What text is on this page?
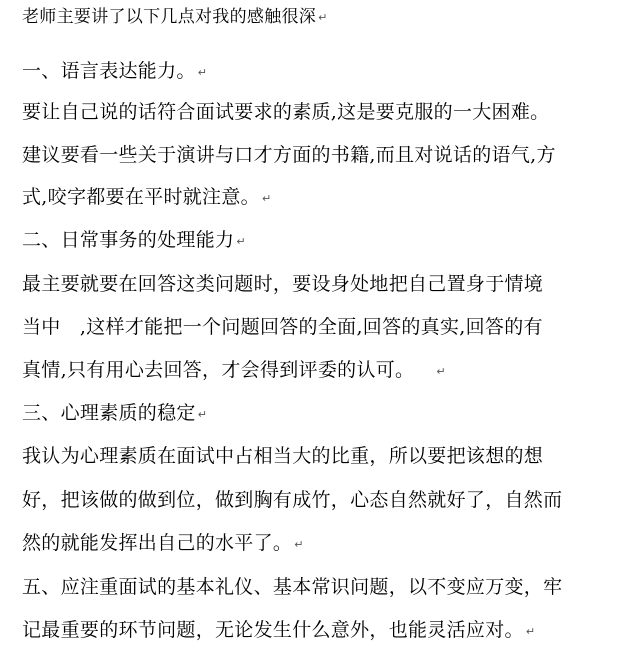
老师主要讲了以下几点对我的感触很深 ↵
一、语言表达能力。 ↵
要让自己说的话符合面试要求的素质,这是要克服的一大困难。
建议要看一些关于演讲与口才方面的书籍,而且对说话的语气,方
式,咬字都要在平时就注意。 ↵
二、日常事务的处理能力 ↵
最主要就要在回答这类问题时，要设身处地把自己置身于情境
当中　,这样才能把一个问题回答的全面,回答的真实,回答的有
真情,只有用心去回答，才会得到评委的认可。 ↵
三、心理素质的稳定 ↵
我认为心理素质在面试中占相当大的比重，所以要把该想的想
好，把该做的做到位，做到胸有成竹，心态自然就好了，自然而
然的就能发挥出自己的水平了。 ↵
五、应注重面试的基本礼仪、基本常识问题，以不变应万变，牢
记最重要的环节问题，无论发生什么意外，也能灵活应对。 ↵
